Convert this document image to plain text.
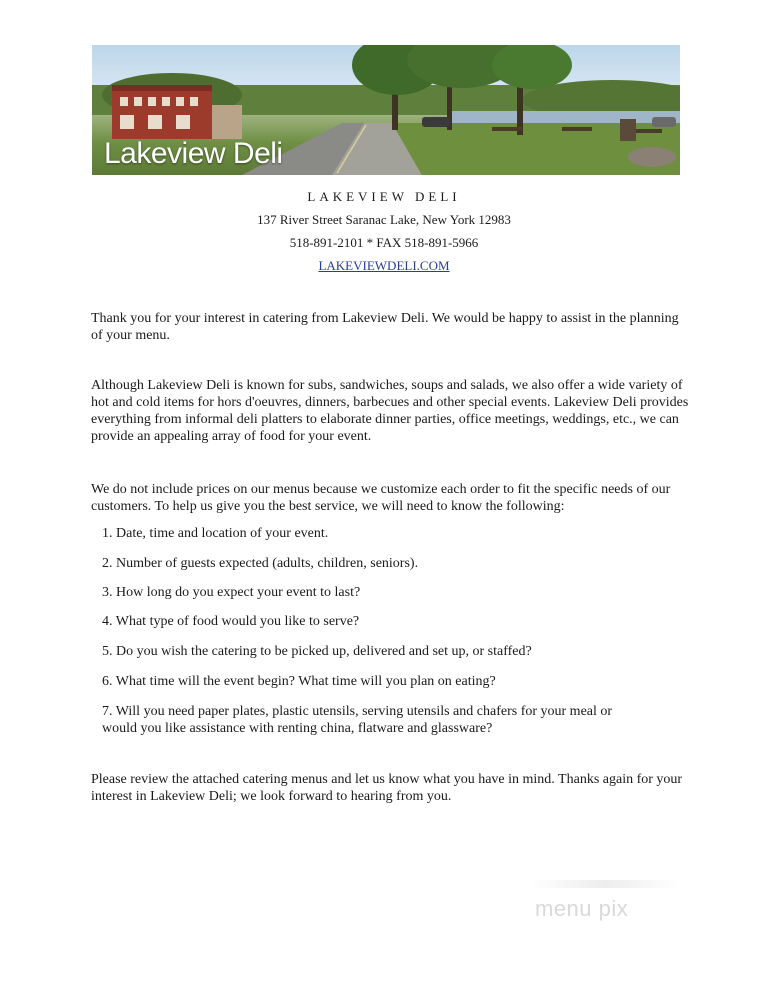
Lakeview Deli
LAKEVIEW DELI
137 River Street Saranac Lake, New York 12983
518-891-2101 * FAX 518-891-5966
LAKEVIEWDELI.COM
Thank you for your interest in catering from Lakeview Deli. We would be happy to assist in the planning of your menu.
Although Lakeview Deli is known for subs, sandwiches, soups and salads, we also offer a wide variety of hot and cold items for hors d'oeuvres, dinners, barbecues and other special events. Lakeview Deli provides everything from informal deli platters to elaborate dinner parties, office meetings, weddings, etc., we can provide an appealing array of food for your event.
We do not include prices on our menus because we customize each order to fit the specific needs of our customers. To help us give you the best service, we will need to know the following:
1. Date, time and location of your event.
2. Number of guests expected (adults, children, seniors).
3. How long do you expect your event to last?
4. What type of food would you like to serve?
5. Do you wish the catering to be picked up, delivered and set up, or staffed?
6. What time will the event begin? What time will you plan on eating?
7. Will you need paper plates, plastic utensils, serving utensils and chafers for your meal or would you like assistance with renting china, flatware and glassware?
Please review the attached catering menus and let us know what you have in mind. Thanks again for your interest in Lakeview Deli; we look forward to hearing from you.
menu pix
